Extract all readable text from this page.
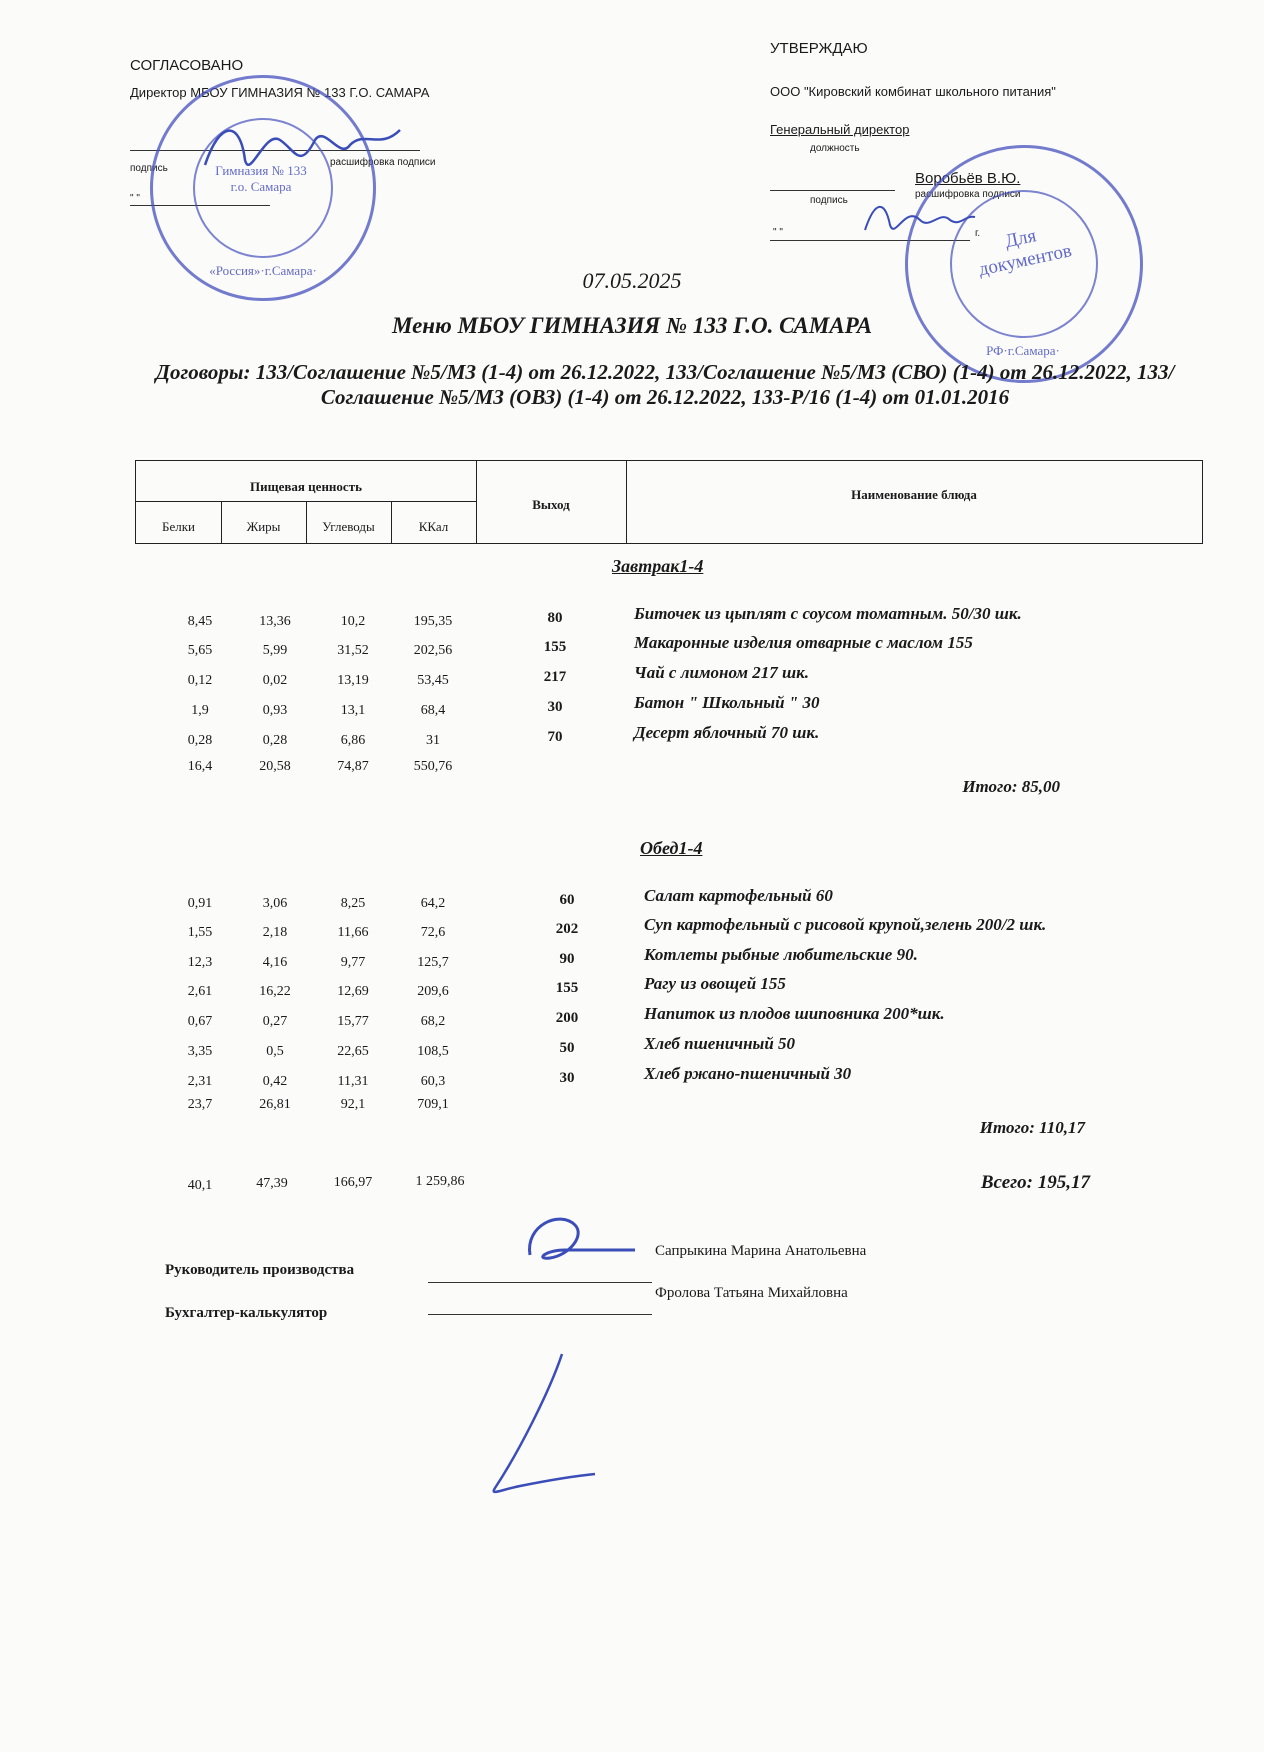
СОГЛАСОВАНО
Директор МБОУ ГИМНАЗИЯ № 133 Г.О. САМАРА
подпись
расшифровка подписи
" "
Гимназия № 133 г.о. Самара
«Россия»·г.Самара·
УТВЕРЖДАЮ
ООО "Кировский комбинат школьного питания"
Генеральный директор
должность
Воробьёв В.Ю.
подпись
расшифровка подписи
" "	г.	Для документов
РФ·г.Самара·
07.05.2025
Меню МБОУ ГИМНАЗИЯ № 133 Г.О. САМАРА
Договоры: 133/Соглашение №5/МЗ (1-4) от 26.12.2022, 133/Соглашение №5/МЗ (СВО) (1-4) от 26.12.2022, 133/Соглашение №5/МЗ (ОВЗ) (1-4) от 26.12.2022, 133-Р/16 (1-4) от 01.01.2016
Пищевая ценность
Выход
Наименование блюда
Белки	Жиры	Углеводы	ККал
Завтрак1-4
8,45	13,36	10,2	195,35	80	Биточек из цыплят с соусом томатным. 50/30 шк.
5,65	5,99	31,52	202,56	155	Макаронные изделия отварные с маслом 155
0,12	0,02	13,19	53,45	217	Чай с лимоном 217 шк.
1,9	0,93	13,1	68,4	30	Батон " Школьный " 30
0,28	0,28	6,86	31	70	Десерт яблочный 70 шк.
16,4	20,58	74,87	550,76
Итого: 85,00
Обед1-4
0,91	3,06	8,25	64,2	60	Салат картофельный 60
1,55	2,18	11,66	72,6	202	Суп картофельный с рисовой крупой,зелень 200/2 шк.
12,3	4,16	9,77	125,7	90	Котлеты рыбные любительские 90.
2,61	16,22	12,69	209,6	155	Рагу из овощей 155
0,67	0,27	15,77	68,2	200	Напиток из плодов шиповника 200*шк.
3,35	0,5	22,65	108,5	50	Хлеб пшеничный 50
2,31	0,42	11,31	60,3	30	Хлеб ржано-пшеничный 30
23,7	26,81	92,1	709,1
Итого: 110,17
40,1	47,39	166,97	1 259,86	Всего: 195,17
Руководитель производства
Сапрыкина Марина Анатольевна
Бухгалтер-калькулятор
Фролова Татьяна Михайловна
